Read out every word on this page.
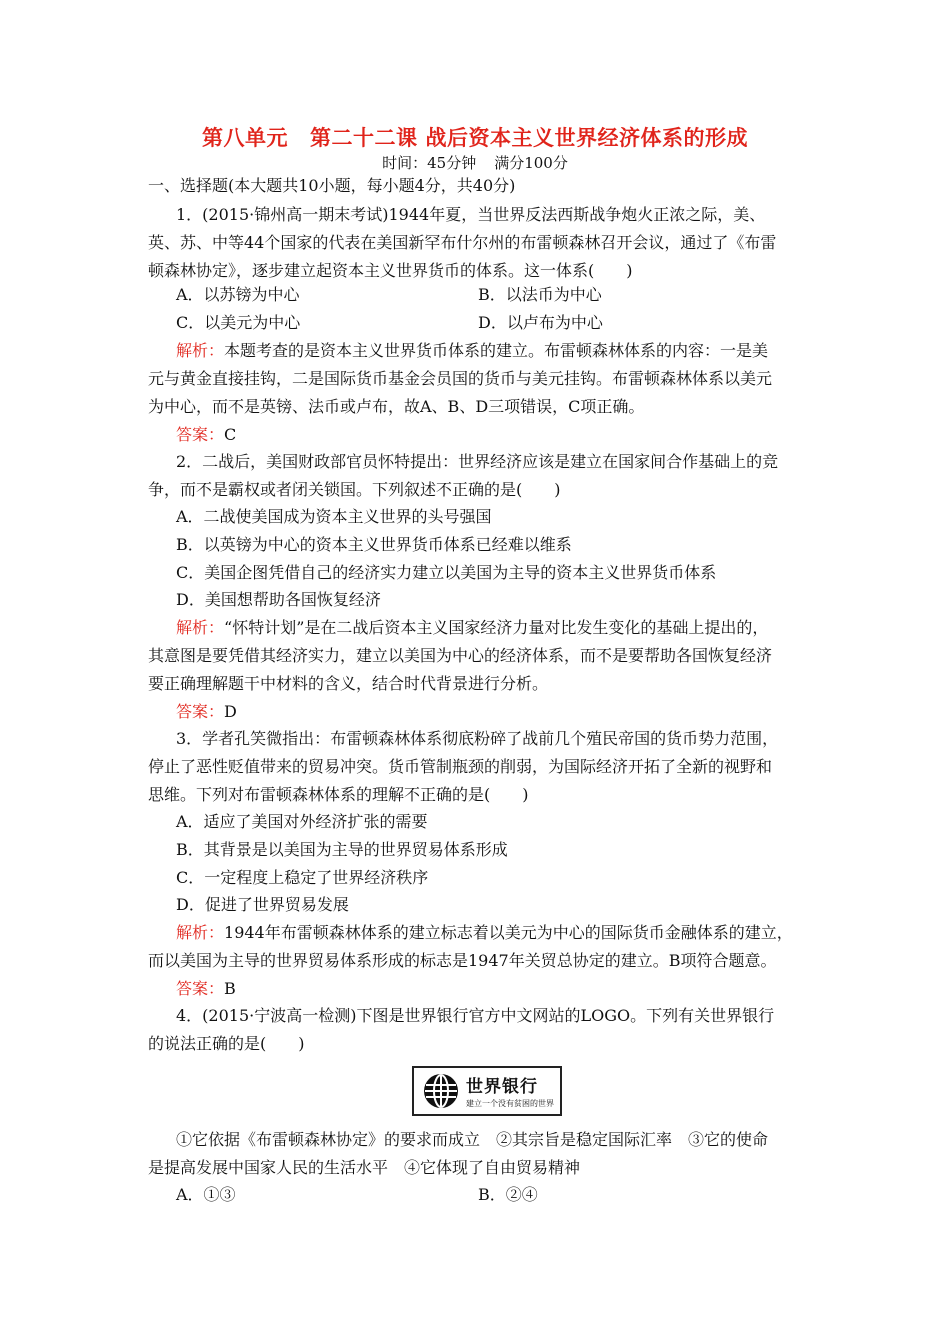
第八单元 第二十二课 战后资本主义世界经济体系的形成
时间：45分钟 满分100分
一、选择题(本大题共10小题，每小题4分，共40分)
1．(2015·锦州高一期末考试)1944年夏，当世界反法西斯战争炮火正浓之际，美、
英、苏、中等44个国家的代表在美国新罕布什尔州的布雷顿森林召开会议，通过了《布雷
顿森林协定》，逐步建立起资本主义世界货币的体系。这一体系(　　)
A．以苏镑为中心	B．以法币为中心
C．以美元为中心	D．以卢布为中心
解析：本题考查的是资本主义世界货币体系的建立。布雷顿森林体系的内容：一是美
元与黄金直接挂钩，二是国际货币基金会员国的货币与美元挂钩。布雷顿森林体系以美元
为中心，而不是英镑、法币或卢布，故A、B、D三项错误，C项正确。
答案：C
2．二战后，美国财政部官员怀特提出：世界经济应该是建立在国家间合作基础上的竞
争，而不是霸权或者闭关锁国。下列叙述不正确的是(　　)
A．二战使美国成为资本主义世界的头号强国
B．以英镑为中心的资本主义世界货币体系已经难以维系
C．美国企图凭借自己的经济实力建立以美国为主导的资本主义世界货币体系
D．美国想帮助各国恢复经济
解析：“怀特计划”是在二战后资本主义国家经济力量对比发生变化的基础上提出的，
其意图是要凭借其经济实力，建立以美国为中心的经济体系，而不是要帮助各国恢复经济
要正确理解题干中材料的含义，结合时代背景进行分析。
答案：D
3．学者孔笑微指出：布雷顿森林体系彻底粉碎了战前几个殖民帝国的货币势力范围，
停止了恶性贬值带来的贸易冲突。货币管制瓶颈的削弱，为国际经济开拓了全新的视野和
思维。下列对布雷顿森林体系的理解不正确的是(　　)
A．适应了美国对外经济扩张的需要
B．其背景是以美国为主导的世界贸易体系形成
C．一定程度上稳定了世界经济秩序
D．促进了世界贸易发展
解析：1944年布雷顿森林体系的建立标志着以美元为中心的国际货币金融体系的建立，
而以美国为主导的世界贸易体系形成的标志是1947年关贸总协定的建立。B项符合题意。
答案：B
4．(2015·宁波高一检测)下图是世界银行官方中文网站的LOGO。下列有关世界银行
的说法正确的是(　　)
世界银行
建立一个没有贫困的世界
①它依据《布雷顿森林协定》的要求而成立　②其宗旨是稳定国际汇率　③它的使命
是提高发展中国家人民的生活水平　④它体现了自由贸易精神
A．①③	B．②④
